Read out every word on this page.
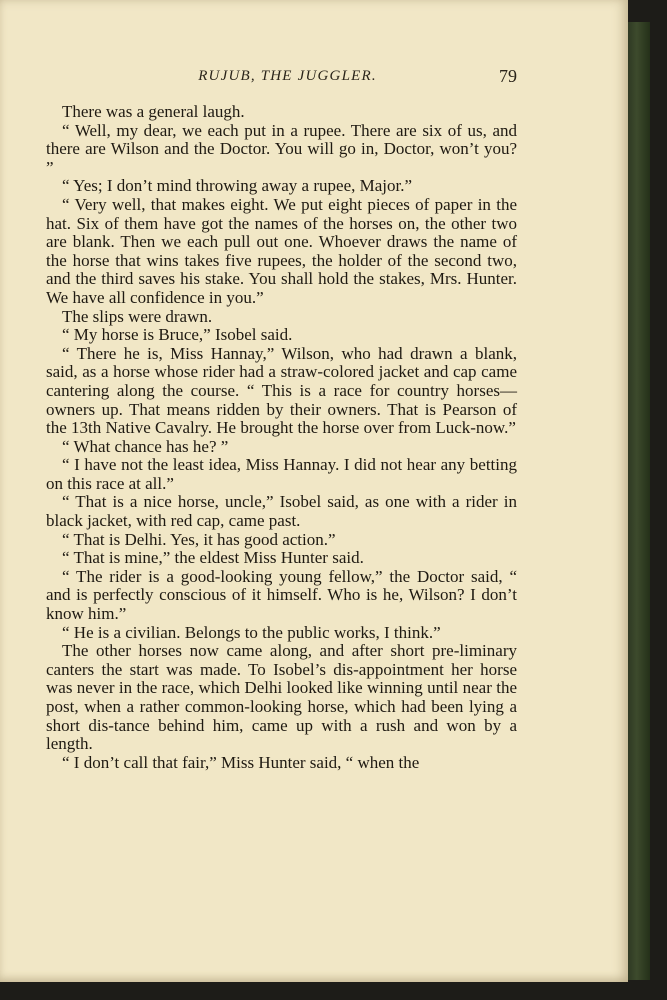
RUJUB, THE JUGGLER.	79

There was a general laugh.

“ Well, my dear, we each put in a rupee. There are six of us, and there are Wilson and the Doctor. You will go in, Doctor, won’t you? ”

“ Yes; I don’t mind throwing away a rupee, Major.”

“ Very well, that makes eight. We put eight pieces of paper in the hat. Six of them have got the names of the horses on, the other two are blank. Then we each pull out one. Whoever draws the name of the horse that wins takes five rupees, the holder of the second two, and the third saves his stake. You shall hold the stakes, Mrs. Hunter. We have all confidence in you.”

The slips were drawn.

“ My horse is Bruce,” Isobel said.

“ There he is, Miss Hannay,” Wilson, who had drawn a blank, said, as a horse whose rider had a straw-colored jacket and cap came cantering along the course. “ This is a race for country horses—owners up. That means ridden by their owners. That is Pearson of the 13th Native Cavalry. He brought the horse over from Luck-now.”

“ What chance has he? ”

“ I have not the least idea, Miss Hannay. I did not hear any betting on this race at all.”

“ That is a nice horse, uncle,” Isobel said, as one with a rider in black jacket, with red cap, came past.

“ That is Delhi. Yes, it has good action.”

“ That is mine,” the eldest Miss Hunter said.

“ The rider is a good-looking young fellow,” the Doctor said, “ and is perfectly conscious of it himself. Who is he, Wilson? I don’t know him.”

“ He is a civilian. Belongs to the public works, I think.”

The other horses now came along, and after short pre-liminary canters the start was made. To Isobel’s dis-appointment her horse was never in the race, which Delhi looked like winning until near the post, when a rather common-looking horse, which had been lying a short dis-tance behind him, came up with a rush and won by a length.

“ I don’t call that fair,” Miss Hunter said, “ when the
